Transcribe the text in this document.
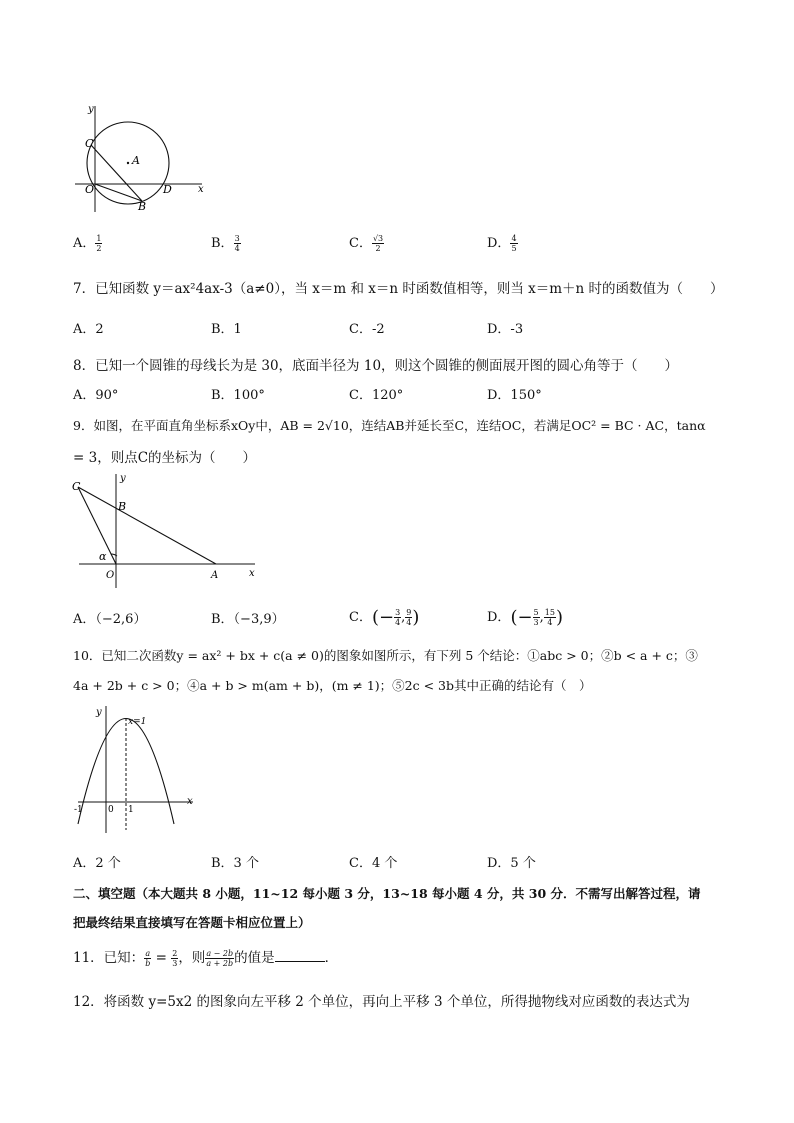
y
x
C
O
A
D
B
A． $\frac{1}{2}$	B． $\frac{3}{4}$	C． $\frac{√3}{2}$	D． $\frac{4}{5}$
7．已知函数 y＝ax²4ax-3（a≠0），当 x＝m 和 x＝n 时函数值相等，则当 x＝m＋n 时的函数值为（　　）
A．2	B．1	C．-2	D．-3
8．已知一个圆锥的母线长为是 30，底面半径为 10，则这个圆锥的侧面展开图的圆心角等于（　　）
A．90°	B．100°	C．120°	D．150°
9．如图，在平面直角坐标系xOy中，AB = 2√10，连结AB并延长至C，连结OC，若满足OC² = BC · AC，tanα
= 3，则点C的坐标为（　　）
y
x
C
B
α
O	A
A．（−2,6）	B．（−3,9）	C．(− $\frac{3}{4}$ , $\frac{9}{4}$ )	D．(− $\frac{5}{3}$ , $\frac{15}{4}$ )
10．已知二次函数y = ax² + bx + c(a ≠ 0)的图象如图所示，有下列 5 个结论：①abc > 0；②b < a + c；③
4a + 2b + c > 0；④a + b > m(am + b)，(m ≠ 1)；⑤2c < 3b其中正确的结论有（　）
y
x
x=1
-1	0 1
A．2 个	B．3 个	C．4 个	D．5 个
二、填空题（本大题共 8 小题，11~12 每小题 3 分，13~18 每小题 4 分，共 30 分．不需写出解答过程，请
把最终结果直接填写在答题卡相应位置上）
11．已知： $\frac{a}{b} = \frac{2}{3}$ ，则 $\frac{a - 2b}{a + 2b}$ 的值是	．
12．将函数 y=5x2 的图象向左平移 2 个单位，再向上平移 3 个单位，所得抛物线对应函数的表达式为
